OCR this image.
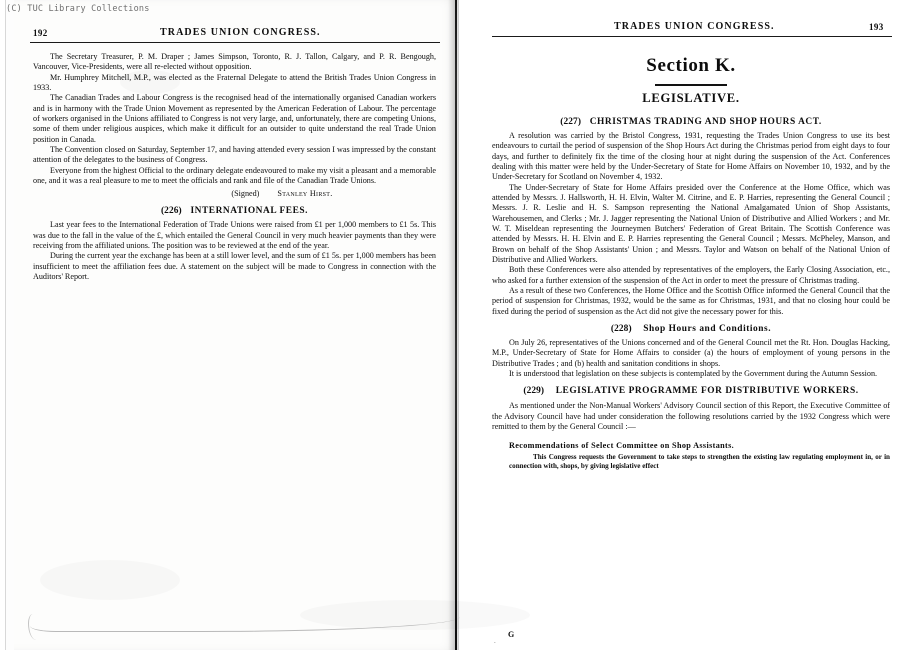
192	TRADES UNION CONGRESS.

The Secretary Treasurer, P. M. Draper ; James Simpson, Toronto, R. J. Tallon, Calgary, and P. R. Bengough, Vancouver, Vice-Presidents, were all re-elected without opposition.

Mr. Humphrey Mitchell, M.P., was elected as the Fraternal Delegate to attend the British Trades Union Congress in 1933.

The Canadian Trades and Labour Congress is the recognised head of the internationally organised Canadian workers and is in harmony with the Trade Union Movement as represented by the American Federation of Labour. The percentage of workers organised in the Unions affiliated to Congress is not very large, and, unfortunately, there are competing Unions, some of them under religious auspices, which make it difficult for an outsider to quite understand the real Trade Union position in Canada.

The Convention closed on Saturday, September 17, and having attended every session I was impressed by the constant attention of the delegates to the business of Congress.

Everyone from the highest Official to the ordinary delegate endeavoured to make my visit a pleasant and a memorable one, and it was a real pleasure to me to meet the officials and rank and file of the Canadian Trade Unions.

(Signed) Stanley Hirst.

(226) INTERNATIONAL FEES.

Last year fees to the International Federation of Trade Unions were raised from £1 per 1,000 members to £1 5s. This was due to the fall in the value of the £, which entailed the General Council in very much heavier payments than they were receiving from the affiliated unions. The position was to be reviewed at the end of the year.

During the current year the exchange has been at a still lower level, and the sum of £1 5s. per 1,000 members has been insufficient to meet the affiliation fees due. A statement on the subject will be made to Congress in connection with the Auditors' Report.

TRADES UNION CONGRESS.	193
Section K.
LEGISLATIVE.
(227) CHRISTMAS TRADING AND SHOP HOURS ACT.

A resolution was carried by the Bristol Congress, 1931, requesting the Trades Union Congress to use its best endeavours to curtail the period of suspension of the Shop Hours Act during the Christmas period from eight days to four days, and further to definitely fix the time of the closing hour at night during the suspension of the Act. Conferences dealing with this matter were held by the Under-Secretary of State for Home Affairs on November 10, 1932, and by the Under-Secretary for Scotland on November 4, 1932.

The Under-Secretary of State for Home Affairs presided over the Conference at the Home Office, which was attended by Messrs. J. Hallsworth, H. H. Elvin, Walter M. Citrine, and E. P. Harries, representing the General Council ; Messrs. J. R. Leslie and H. S. Sampson representing the National Amalgamated Union of Shop Assistants, Warehousemen, and Clerks ; Mr. J. Jagger representing the National Union of Distributive and Allied Workers ; and Mr. W. T. Miseldean representing the Journeymen Butchers' Federation of Great Britain. The Scottish Conference was attended by Messrs. H. H. Elvin and E. P. Harries representing the General Council ; Messrs. McPheley, Manson, and Brown on behalf of the Shop Assistants' Union ; and Messrs. Taylor and Watson on behalf of the National Union of Distributive and Allied Workers.

Both these Conferences were also attended by representatives of the employers, the Early Closing Association, etc., who asked for a further extension of the suspension of the Act in order to meet the pressure of Christmas trading.

As a result of these two Conferences, the Home Office and the Scottish Office informed the General Council that the period of suspension for Christmas, 1932, would be the same as for Christmas, 1931, and that no closing hour could be fixed during the period of suspension as the Act did not give the necessary power for this.

(228) Shop Hours and Conditions.

On July 26, representatives of the Unions concerned and of the General Council met the Rt. Hon. Douglas Hacking, M.P., Under-Secretary of State for Home Affairs to consider (a) the hours of employment of young persons in the Distributive Trades ; and (b) health and sanitation conditions in shops.

It is understood that legislation on these subjects is contemplated by the Government during the Autumn Session.

(229) LEGISLATIVE PROGRAMME FOR DISTRIBUTIVE WORKERS.

As mentioned under the Non-Manual Workers' Advisory Council section of this Report, the Executive Committee of the Advisory Council have had under consideration the following resolutions carried by the 1932 Congress which were remitted to them by the General Council :—

Recommendations of Select Committee on Shop Assistants.

This Congress requests the Government to take steps to strengthen the existing law regulating employment in, or in connection with, shops, by giving legislative effect

G
.
(C) TUC Library Collections
